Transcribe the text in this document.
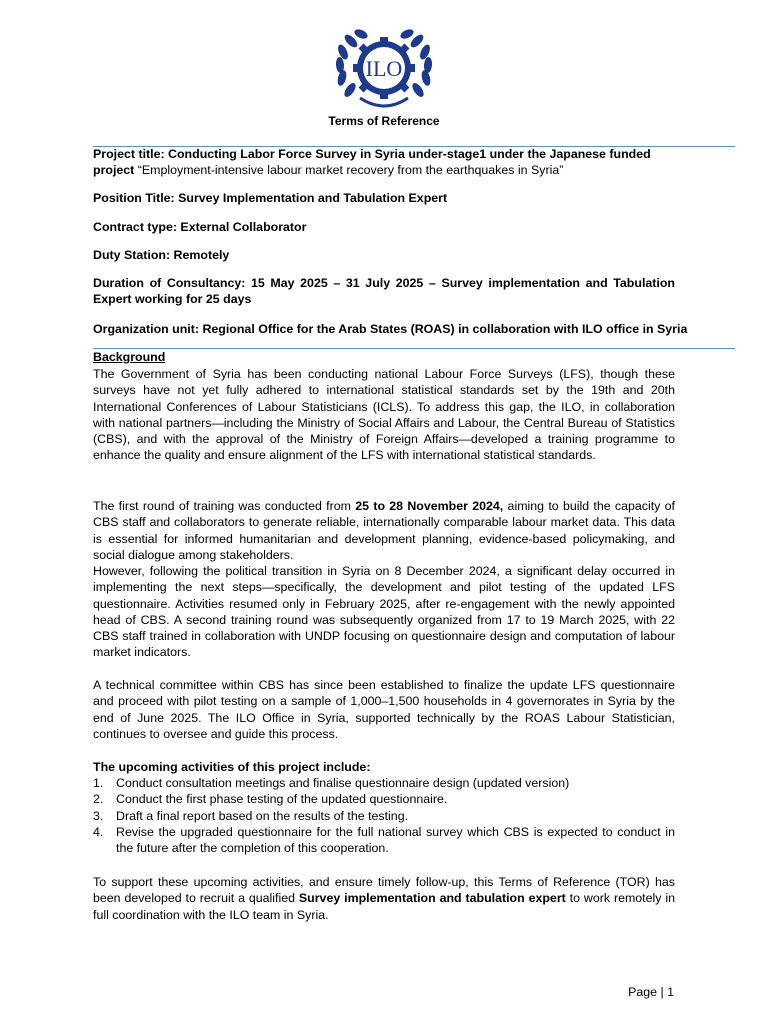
ILO
Terms of Reference
Project title: Conducting Labor Force Survey in Syria under-stage1 under the Japanese funded project “Employment-intensive labour market recovery from the earthquakes in Syria”
Position Title: Survey Implementation and Tabulation Expert
Contract type: External Collaborator
Duty Station: Remotely
Duration of Consultancy: 15 May 2025 – 31 July 2025 – Survey implementation and Tabulation Expert working for 25 days
Organization unit: Regional Office for the Arab States (ROAS) in collaboration with ILO office in Syria
Background
The Government of Syria has been conducting national Labour Force Surveys (LFS), though these surveys have not yet fully adhered to international statistical standards set by the 19th and 20th International Conferences of Labour Statisticians (ICLS). To address this gap, the ILO, in collaboration with national partners—including the Ministry of Social Affairs and Labour, the Central Bureau of Statistics (CBS), and with the approval of the Ministry of Foreign Affairs—developed a training programme to enhance the quality and ensure alignment of the LFS with international statistical standards.
The first round of training was conducted from 25 to 28 November 2024, aiming to build the capacity of CBS staff and collaborators to generate reliable, internationally comparable labour market data. This data is essential for informed humanitarian and development planning, evidence-based policymaking, and social dialogue among stakeholders.
However, following the political transition in Syria on 8 December 2024, a significant delay occurred in implementing the next steps—specifically, the development and pilot testing of the updated LFS questionnaire. Activities resumed only in February 2025, after re-engagement with the newly appointed head of CBS. A second training round was subsequently organized from 17 to 19 March 2025, with 22 CBS staff trained in collaboration with UNDP focusing on questionnaire design and computation of labour market indicators.
A technical committee within CBS has since been established to finalize the update LFS questionnaire and proceed with pilot testing on a sample of 1,000–1,500 households in 4 governorates in Syria by the end of June 2025. The ILO Office in Syria, supported technically by the ROAS Labour Statistician, continues to oversee and guide this process.
The upcoming activities of this project include:
1. Conduct consultation meetings and finalise questionnaire design (updated version)
2. Conduct the first phase testing of the updated questionnaire.
3. Draft a final report based on the results of the testing.
4. Revise the upgraded questionnaire for the full national survey which CBS is expected to conduct in the future after the completion of this cooperation.
To support these upcoming activities, and ensure timely follow-up, this Terms of Reference (TOR) has been developed to recruit a qualified Survey implementation and tabulation expert to work remotely in full coordination with the ILO team in Syria.
Page | 1
